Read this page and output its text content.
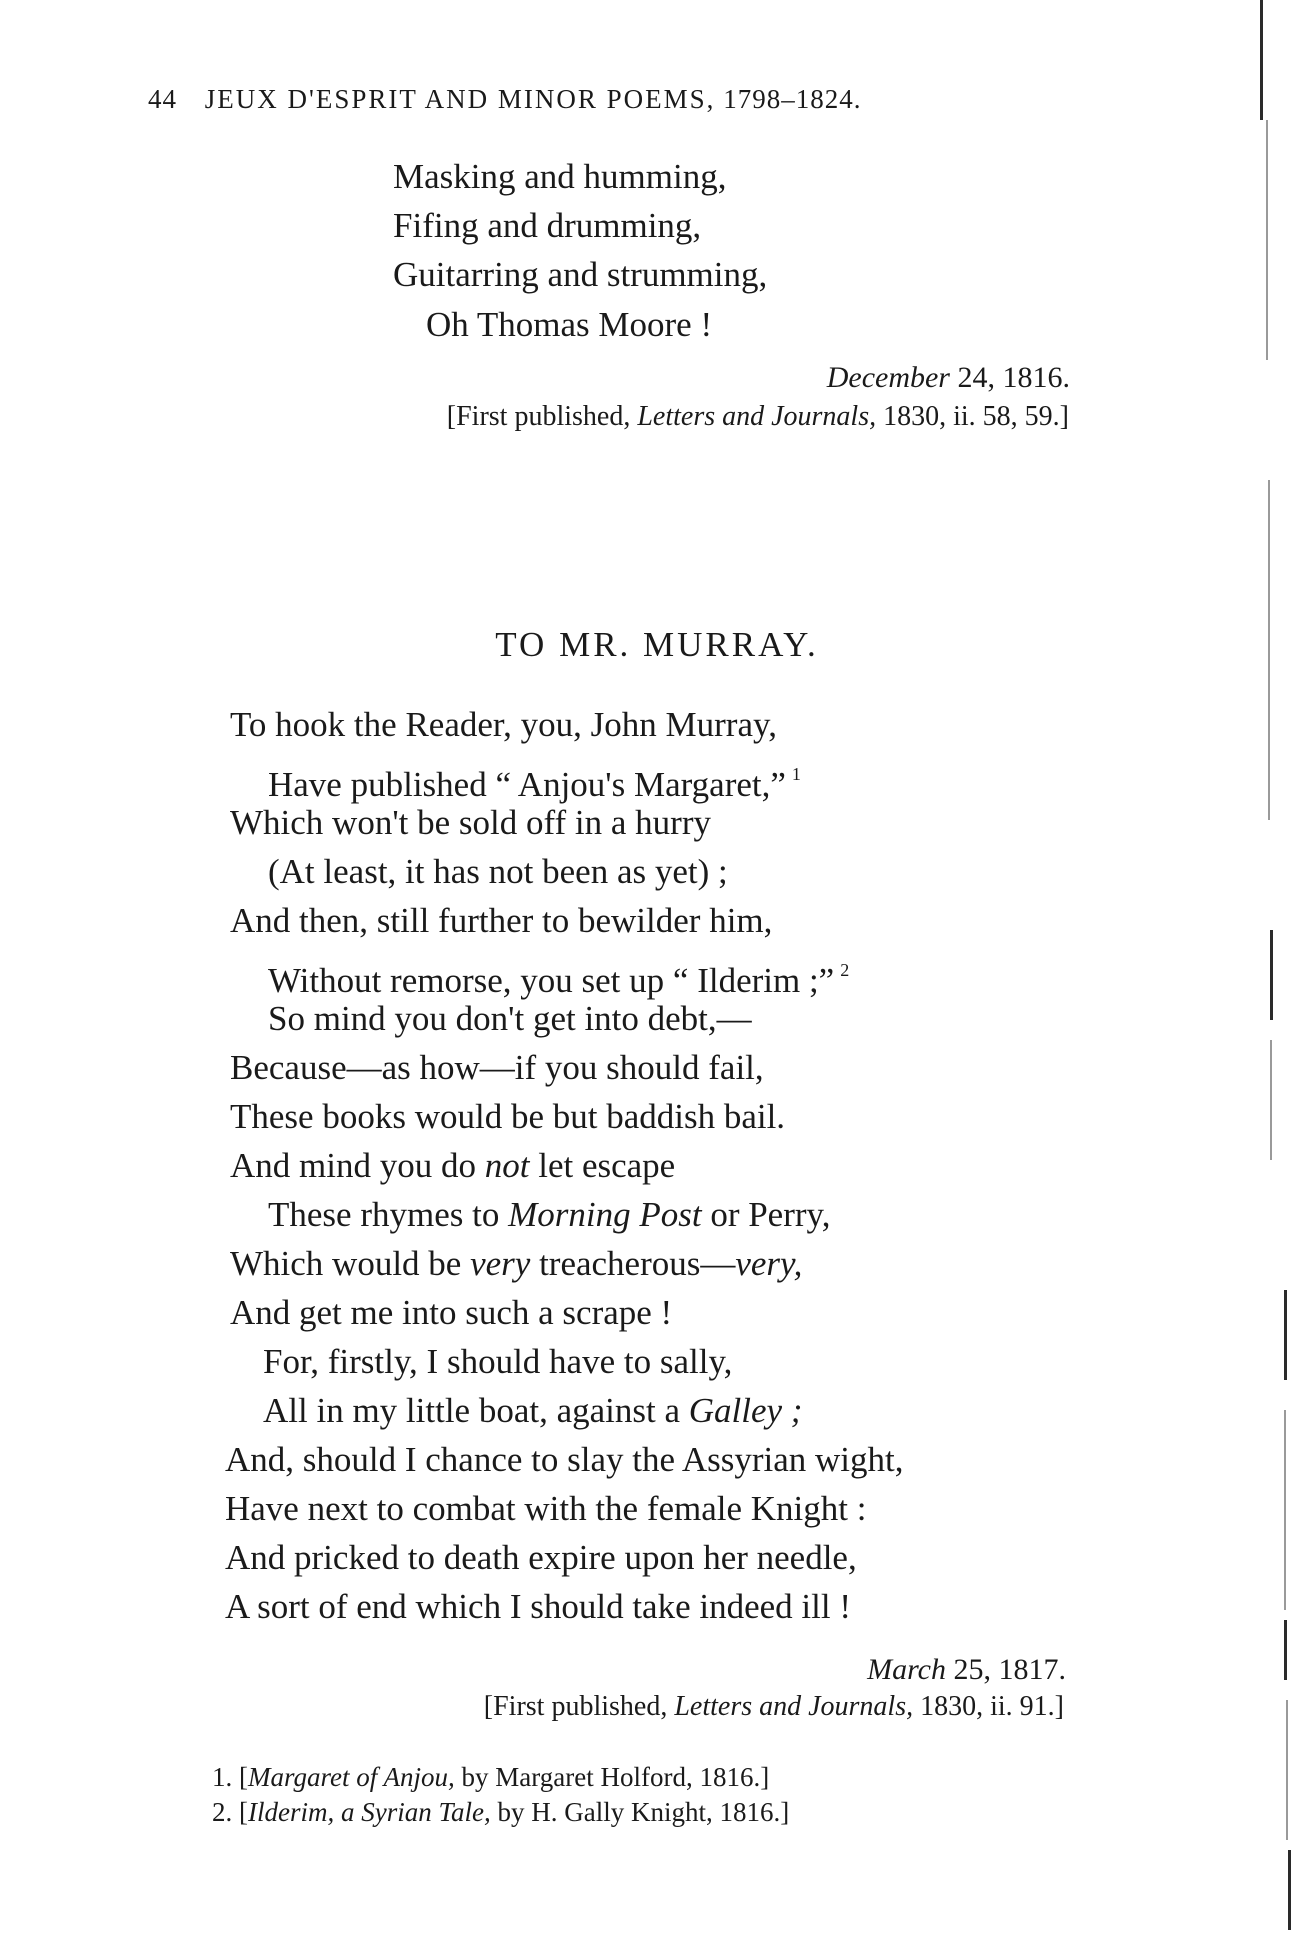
44 JEUX D'ESPRIT AND MINOR POEMS, 1798–1824.
Masking and humming,
Fifing and drumming,
Guitarring and strumming,
Oh Thomas Moore !
December 24, 1816.
[First published, Letters and Journals, 1830, ii. 58, 59.]
TO MR. MURRAY.
To hook the Reader, you, John Murray,
Have published “ Anjou's Margaret,” $^1$
Which won't be sold off in a hurry
(At least, it has not been as yet) ;
And then, still further to bewilder him,
Without remorse, you set up “ Ilderim ;” $^2$
So mind you don't get into debt,—
Because—as how—if you should fail,
These books would be but baddish bail.
And mind you do not let escape
These rhymes to Morning Post or Perry,
Which would be very treacherous—very,
And get me into such a scrape !
For, firstly, I should have to sally,
All in my little boat, against a Galley ;
And, should I chance to slay the Assyrian wight,
Have next to combat with the female Knight :
And pricked to death expire upon her needle,
A sort of end which I should take indeed ill !
March 25, 1817.
[First published, Letters and Journals, 1830, ii. 91.]
1. [Margaret of Anjou, by Margaret Holford, 1816.]
2. [Ilderim, a Syrian Tale, by H. Gally Knight, 1816.]
